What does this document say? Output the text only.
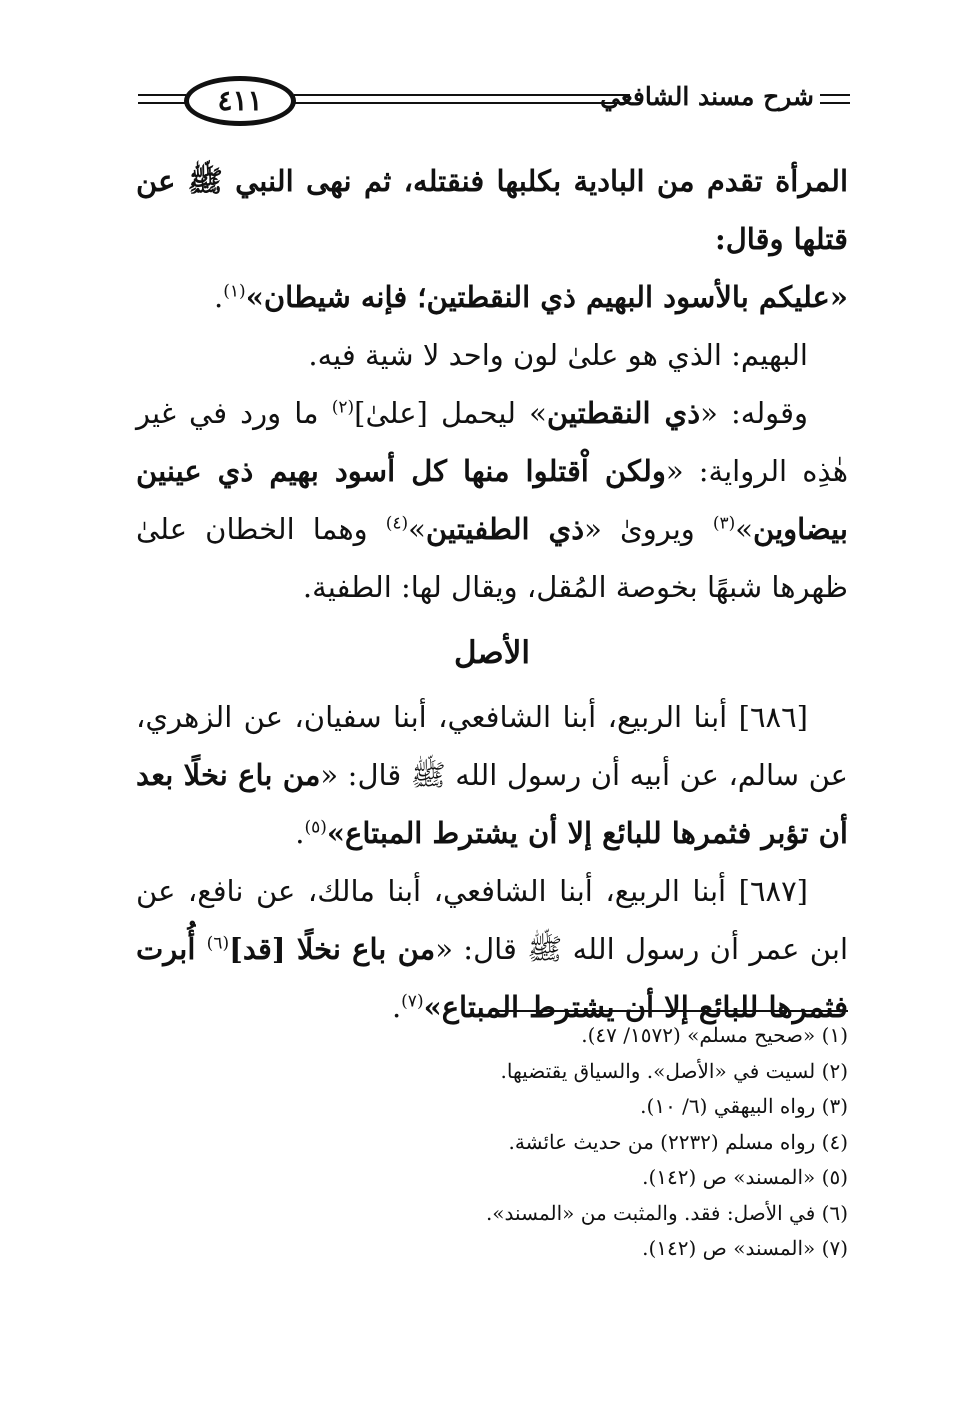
٤١١	شرح مسند الشافعي

المرأة تقدم من البادية بكلبها فنقتله، ثم نهى النبي ﷺ عن قتلها وقال:

«عليكم بالأسود البهيم ذي النقطتين؛ فإنه شيطان»$^{(١)}$.

البهيم: الذي هو علىٰ لون واحد لا شية فيه.

وقوله: «ذي النقطتين» ليحمل [علىٰ]$^{(٢)}$ ما ورد في غير هٰذِه الرواية: «ولكن اْقتلوا منها كل أسود بهيم ذي عينين بيضاوين»$^{(٣)}$ ويروىٰ «ذي الطفيتين»$^{(٤)}$ وهما الخطان علىٰ ظهرها شبهًا بخوصة المُقل، ويقال لها: الطفية.

الأصل

[٦٨٦] أبنا الربيع، أبنا الشافعي، أبنا سفيان، عن الزهري، عن سالم، عن أبيه أن رسول الله ﷺ قال: «من باع نخلًا بعد أن تؤبر فثمرها للبائع إلا أن يشترط المبتاع»$^{(٥)}$.

[٦٨٧] أبنا الربيع، أبنا الشافعي، أبنا مالك، عن نافع، عن ابن عمر أن رسول الله ﷺ قال: «من باع نخلًا [قد]$^{(٦)}$ أُبرت فثمرها للبائع إلا أن يشترط المبتاع»$^{(٧)}$.

(١) «صحيح مسلم» (١٥٧٢/ ٤٧).
(٢) لسيت في «الأصل». والسياق يقتضيها.
(٣) رواه البيهقي (٦/ ١٠).
(٤) رواه مسلم (٢٢٣٢) من حديث عائشة.
(٥) «المسند» ص (١٤٢).
(٦) في الأصل: فقد. والمثبت من «المسند».
(٧) «المسند» ص (١٤٢).
